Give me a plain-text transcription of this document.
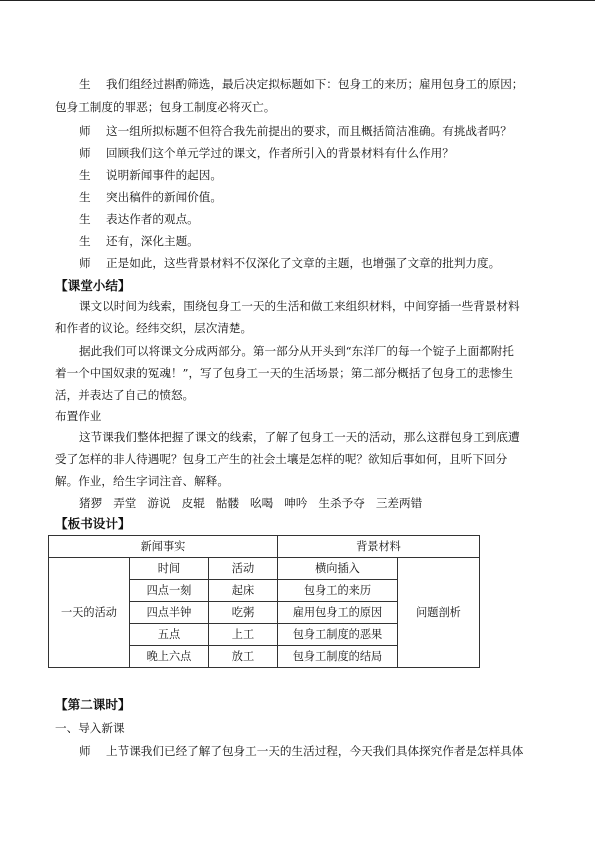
生 我们组经过斟酌筛选，最后决定拟标题如下：包身工的来历；雇用包身工的原因；
包身工制度的罪恶；包身工制度必将灭亡。
师 这一组所拟标题不但符合我先前提出的要求，而且概括简洁准确。有挑战者吗？
师 回顾我们这个单元学过的课文，作者所引入的背景材料有什么作用？
生 说明新闻事件的起因。
生 突出稿件的新闻价值。
生 表达作者的观点。
生 还有，深化主题。
师 正是如此，这些背景材料不仅深化了文章的主题，也增强了文章的批判力度。
【课堂小结】
课文以时间为线索，围绕包身工一天的生活和做工来组织材料，中间穿插一些背景材料
和作者的议论。经纬交织，层次清楚。
据此我们可以将课文分成两部分。第一部分从开头到“东洋厂的每一个锭子上面都附托
着一个中国奴隶的冤魂！”，写了包身工一天的生活场景；第二部分概括了包身工的悲惨生
活，并表达了自己的愤怒。
布置作业
这节课我们整体把握了课文的线索，了解了包身工一天的活动，那么这群包身工到底遭
受了怎样的非人待遇呢？包身工产生的社会土壤是怎样的呢？欲知后事如何，且听下回分
解。作业，给生字词注音、解释。
猪猡 弄堂 游说 皮辊 骷髅 吆喝 呻吟 生杀予夺 三差两错
【板书设计】
新闻事实			背景材料	
一天的活动	时间	活动	横向插入	问题剖析
	四点一刻	起床	包身工的来历	
	四点半钟	吃粥	雇用包身工的原因	
	五点	上工	包身工制度的恶果	
	晚上六点	放工	包身工制度的结局	
【第二课时】
一、导入新课
师 上节课我们已经了解了包身工一天的生活过程，今天我们具体探究作者是怎样具体
